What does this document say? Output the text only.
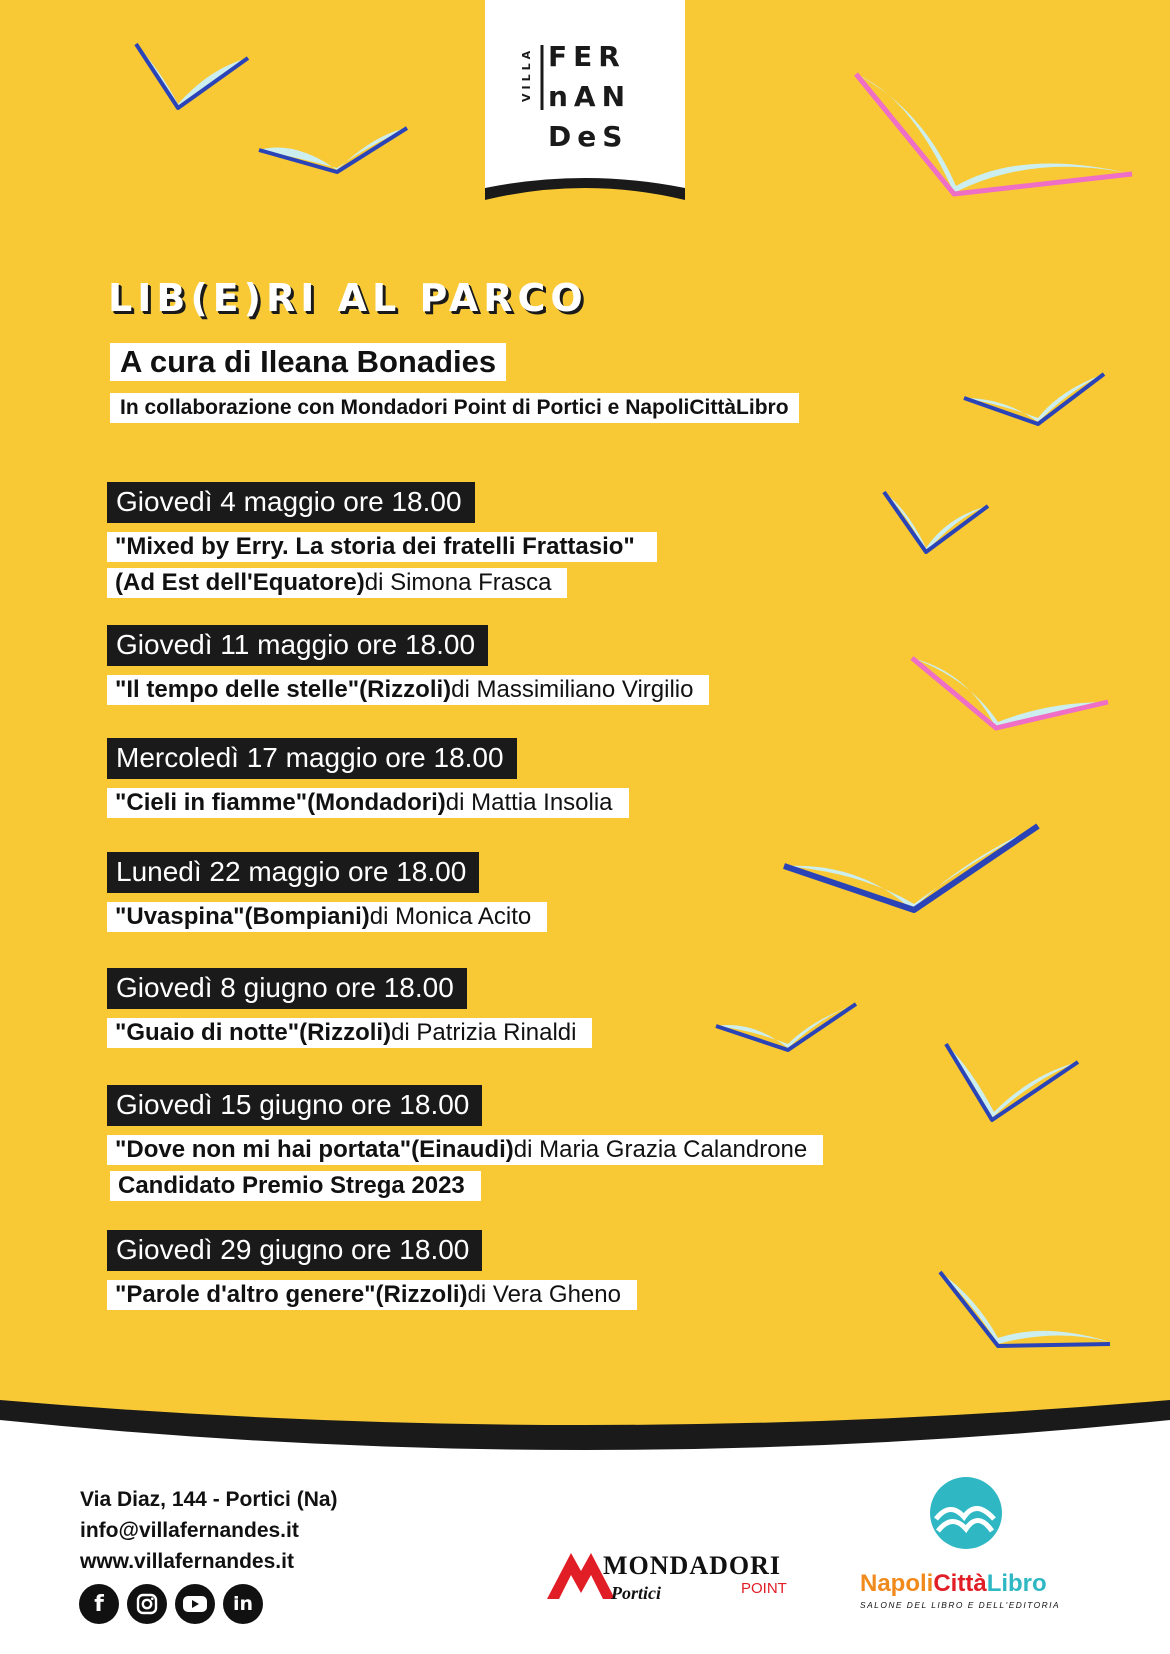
VILLA FER
nAN
DeS
LIB(E)RI AL PARCO

A cura di Ileana Bonadies

In collaborazione con Mondadori Point di Portici e NapoliCittàLibro

Giovedì 4 maggio ore 18.00
"Mixed by Erry. La storia dei fratelli Frattasio"
(Ad Est dell'Equatore)di Simona Frasca
Giovedì 11 maggio ore 18.00
"Il tempo delle stelle"(Rizzoli)di Massimiliano Virgilio
Mercoledì 17 maggio ore 18.00
"Cieli in fiamme"(Mondadori)di Mattia Insolia
Lunedì 22 maggio ore 18.00
"Uvaspina"(Bompiani)di Monica Acito
Giovedì 8 giugno ore 18.00
"Guaio di notte"(Rizzoli)di Patrizia Rinaldi
Giovedì 15 giugno ore 18.00
"Dove non mi hai portata"(Einaudi)di Maria Grazia Calandrone
Candidato Premio Strega 2023
Giovedì 29 giugno ore 18.00
"Parole d'altro genere"(Rizzoli)di Vera Gheno
Via Diaz, 144 - Portici (Na)
info@villafernandes.it
www.villafernandes.it
f	in
MONDADORI
Portici	POINT	NapoliCittàLibro
SALONE DEL LIBRO E DELL'EDITORIA
